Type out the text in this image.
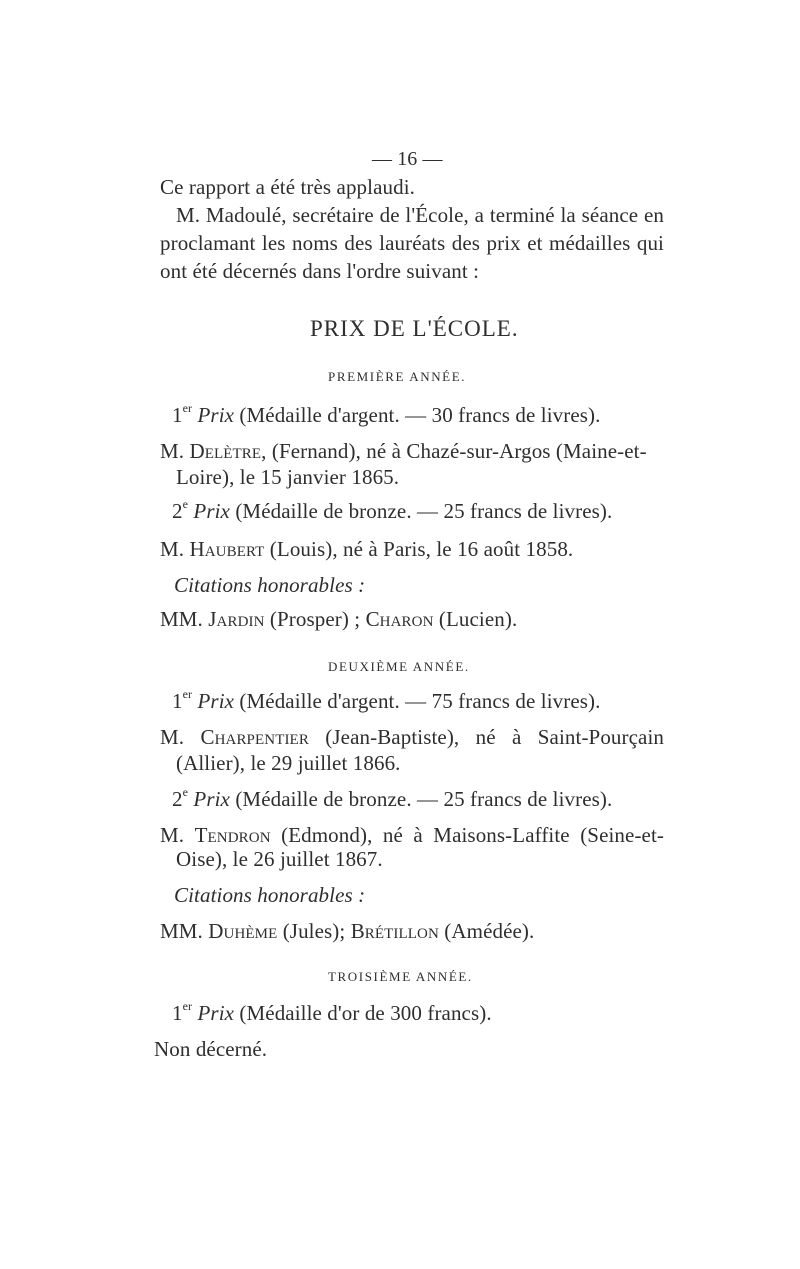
— 16 —
Ce rapport a été très applaudi.
M. Madoulé, secrétaire de l'École, a terminé la séance en
proclamant les noms des lauréats des prix et médailles qui
ont été décernés dans l'ordre suivant :
PRIX DE L'ÉCOLE.
PREMIÈRE ANNÉE.
1er Prix (Médaille d'argent. — 30 francs de livres).
M. Delètre, (Fernand), né à Chazé-sur-Argos (Maine-et-
Loire), le 15 janvier 1865.
2e Prix (Médaille de bronze. — 25 francs de livres).
M. Haubert (Louis), né à Paris, le 16 août 1858.
Citations honorables :
MM. Jardin (Prosper) ; Charon (Lucien).
DEUXIÈME ANNÉE.
1er Prix (Médaille d'argent. — 75 francs de livres).
M. Charpentier (Jean-Baptiste), né à Saint-Pourçain
(Allier), le 29 juillet 1866.
2e Prix (Médaille de bronze. — 25 francs de livres).
M. Tendron (Edmond), né à Maisons-Laffite (Seine-et-
Oise), le 26 juillet 1867.
Citations honorables :
MM. Duhème (Jules); Brétillon (Amédée).
TROISIÈME ANNÉE.
1er Prix (Médaille d'or de 300 francs).
Non décerné.
